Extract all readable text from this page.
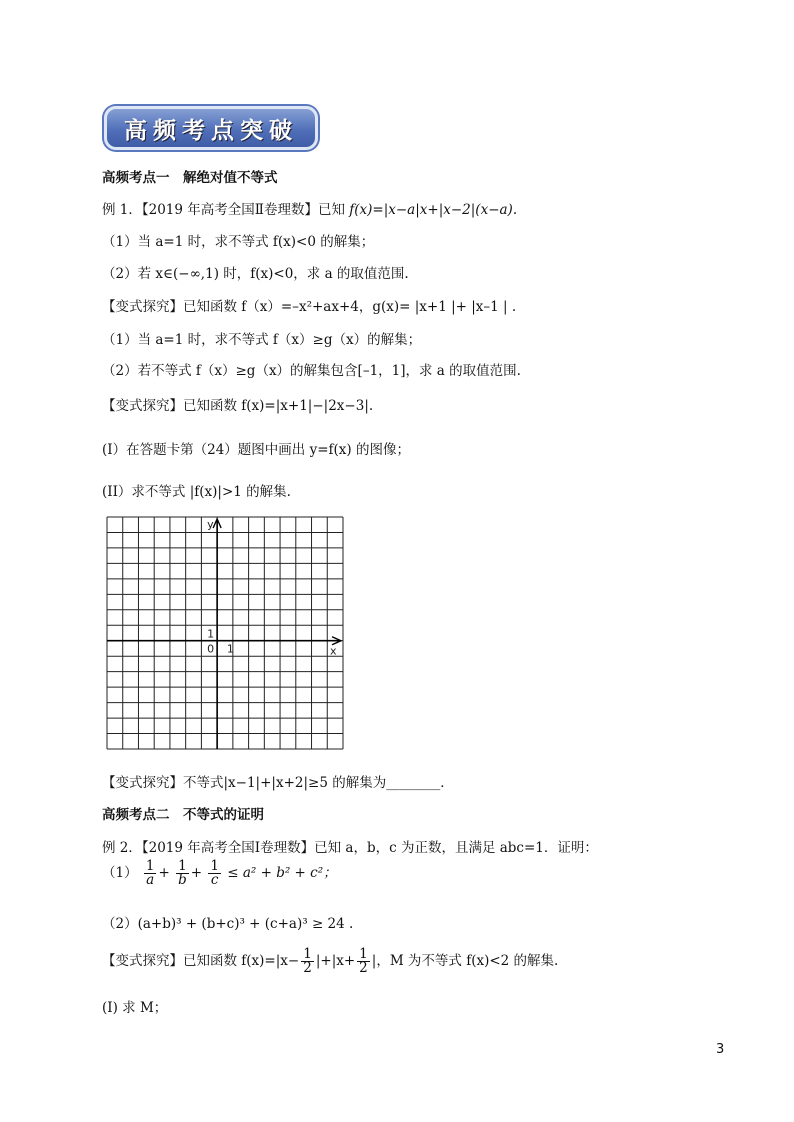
高频考点突破
高频考点一　解绝对值不等式
例 1．【2019 年高考全国Ⅱ卷理数】已知 f(x)=|x−a|x+|x−2|(x−a).
（1）当 a=1 时，求不等式 f(x)<0 的解集；
（2）若 x∈(−∞,1) 时，f(x)<0，求 a 的取值范围.
【变式探究】已知函数 f（x）=–x²+ax+4，g(x)= |x+1 |+ |x–1 | .
（1）当 a=1 时，求不等式 f（x）≥g（x）的解集；
（2）若不等式 f（x）≥g（x）的解集包含[–1，1]，求 a 的取值范围.
【变式探究】已知函数 f(x)=|x+1|−|2x−3|.
(I）在答题卡第（24）题图中画出 y=f(x) 的图像；
(II）求不等式 |f(x)|>1 的解集.
y
x
0 1
1
【变式探究】不等式|x−1|+|x+2|≥5 的解集为________．
高频考点二　不等式的证明
例 2．【2019 年高考全国Ⅰ卷理数】已知 a，b，c 为正数，且满足 abc=1．证明：
$(1) \frac{1}{a} + \frac{1}{b} + \frac{1}{c} \le a^2 + b^2 + c^2$；
（2）(a+b)³ + (b+c)³ + (c+a)³ ≥ 24 .
【变式探究】已知函数 $f(x)=|x- \frac{1}{2} |+|x+ \frac{1}{2}$ |，M 为不等式 f(x)<2 的解集.
(Ⅰ) 求 M；
3
